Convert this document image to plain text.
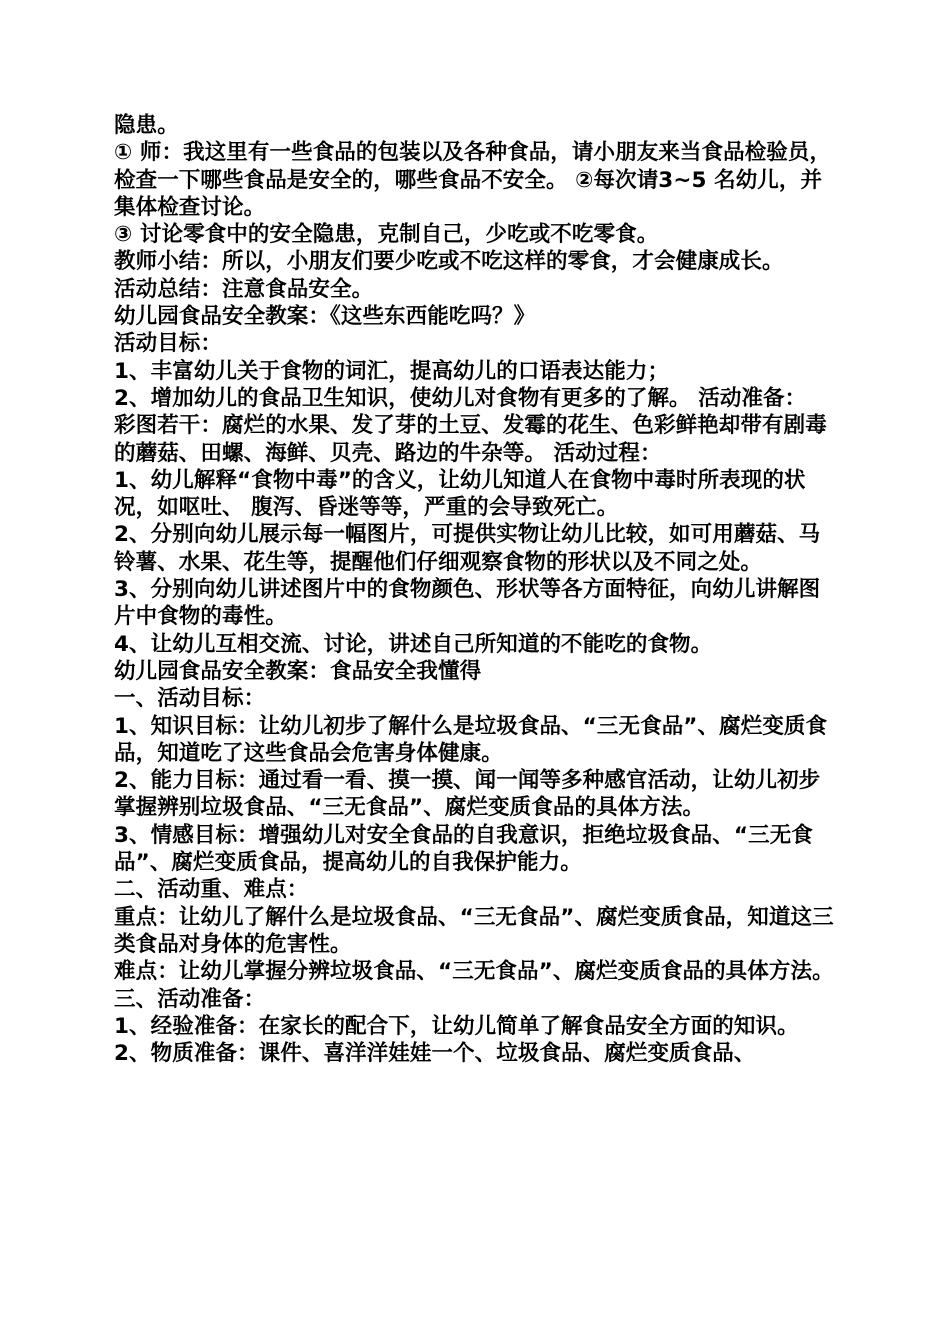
隐患。

① 师：我这里有一些食品的包装以及各种食品，请小朋友来当食品检验员，检查一下哪些食品是安全的，哪些食品不安全。 ②每次请3~5 名幼儿，并集体检查讨论。

③ 讨论零食中的安全隐患，克制自己，少吃或不吃零食。

教师小结：所以，小朋友们要少吃或不吃这样的零食，才会健康成长。

活动总结：注意食品安全。

幼儿园食品安全教案：《这些东西能吃吗？》

活动目标：

1、丰富幼儿关于食物的词汇，提高幼儿的口语表达能力；

2、增加幼儿的食品卫生知识，使幼儿对食物有更多的了解。 活动准备：

彩图若干：腐烂的水果、发了芽的土豆、发霉的花生、色彩鲜艳却带有剧毒的蘑菇、田螺、海鲜、贝壳、路边的牛杂等。 活动过程：

1、幼儿解释“食物中毒”的含义，让幼儿知道人在食物中毒时所表现的状况，如呕吐、 腹泻、昏迷等等，严重的会导致死亡。

2、分别向幼儿展示每一幅图片，可提供实物让幼儿比较，如可用蘑菇、马铃薯、水果、花生等，提醒他们仔细观察食物的形状以及不同之处。

3、分别向幼儿讲述图片中的食物颜色、形状等各方面特征，向幼儿讲解图片中食物的毒性。

4、让幼儿互相交流、讨论，讲述自己所知道的不能吃的食物。

幼儿园食品安全教案：食品安全我懂得

一、活动目标：

1、知识目标：让幼儿初步了解什么是垃圾食品、“三无食品”、腐烂变质食品，知道吃了这些食品会危害身体健康。

2、能力目标：通过看一看、摸一摸、闻一闻等多种感官活动，让幼儿初步掌握辨别垃圾食品、“三无食品”、腐烂变质食品的具体方法。

3、情感目标：增强幼儿对安全食品的自我意识，拒绝垃圾食品、“三无食品”、腐烂变质食品，提高幼儿的自我保护能力。

二、活动重、难点：

重点：让幼儿了解什么是垃圾食品、“三无食品”、腐烂变质食品，知道这三类食品对身体的危害性。

难点：让幼儿掌握分辨垃圾食品、“三无食品”、腐烂变质食品的具体方法。

三、活动准备：

1、经验准备：在家长的配合下，让幼儿简单了解食品安全方面的知识。

2、物质准备：课件、喜洋洋娃娃一个、垃圾食品、腐烂变质食品、
